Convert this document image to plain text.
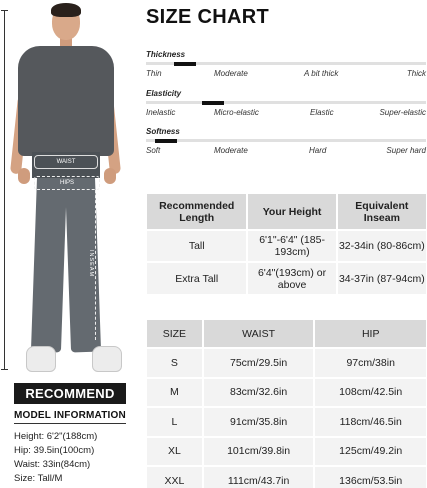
WAIST
HIPS
INSEAM
RECOMMEND
MODEL INFORMATION
Height: 6'2"(188cm)
Hip: 39.5in(100cm)
Waist: 33in(84cm)
Size: Tall/M
SIZE CHART
Thickness
Thin	Moderate	A bit thick	Thick
Elasticity
Inelastic	Micro-elastic	Elastic	Super-elastic
Softness
Soft	Moderate	Hard	Super hard
Recommended Length	Your Height	Equivalent Inseam
Tall	6'1"-6'4" (185-193cm)	32-34in (80-86cm)
Extra Tall	6'4"(193cm) or above	34-37in (87-94cm)
SIZE	WAIST	HIP
S	75cm/29.5in	97cm/38in
M	83cm/32.6in	108cm/42.5in
L	91cm/35.8in	118cm/46.5in
XL	101cm/39.8in	125cm/49.2in
XXL	111cm/43.7in	136cm/53.5in
